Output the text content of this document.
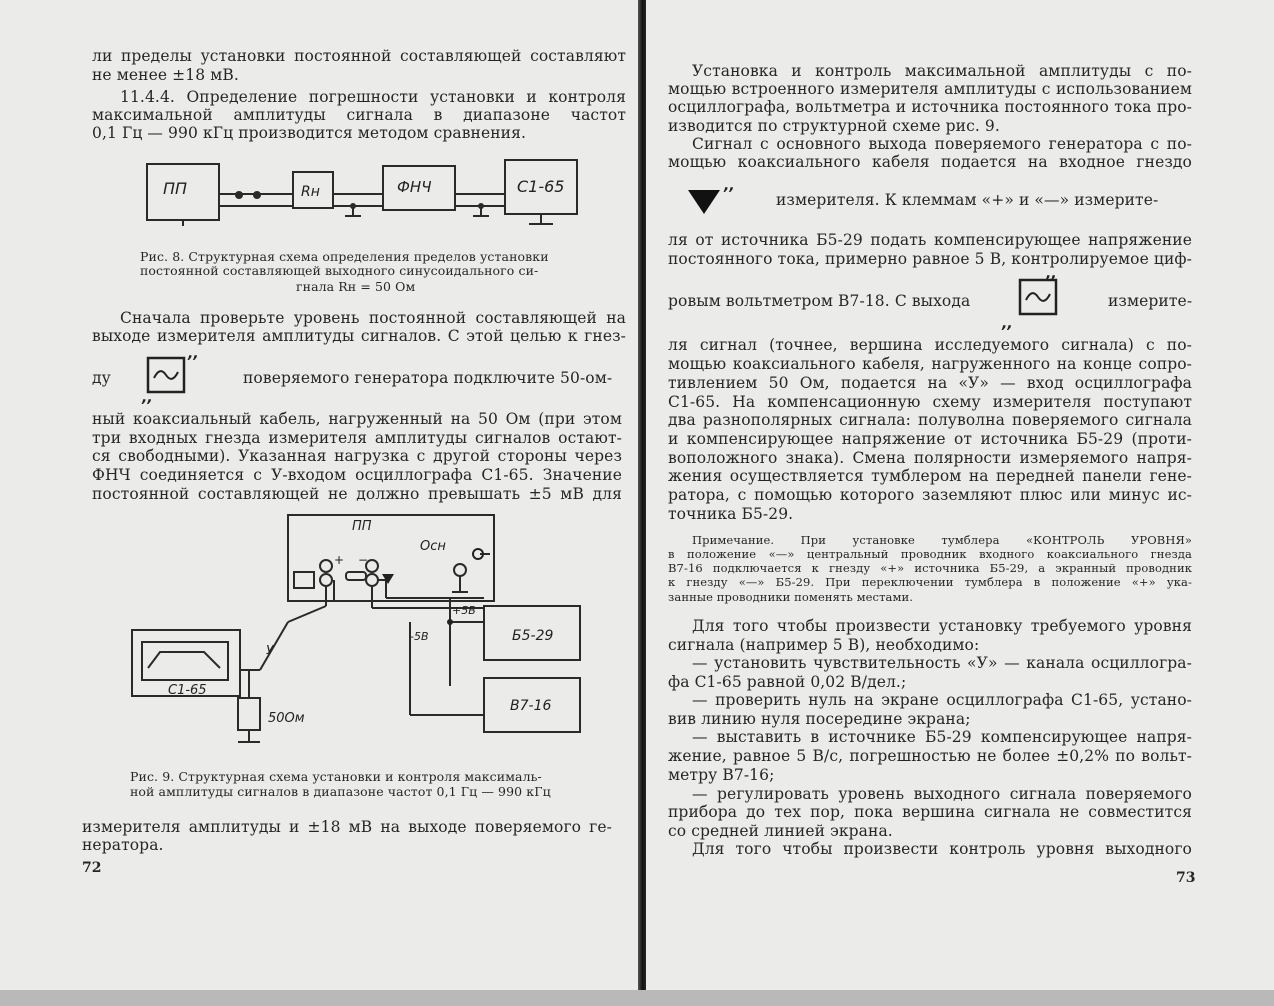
ли пределы установки постоянной составляющей составляют
не менее ±18 мВ.
11.4.4. Определение погрешности установки и контроля
максимальной амплитуды сигнала в диапазоне частот
0,1 Гц — 990 кГц производится методом сравнения.
ПП	Rн	ФНЧ	С1-65
Рис. 8. Структурная схема определения пределов установки
постоянной составляющей выходного синусоидального си-
гнала Rн = 50 Ом
Сначала проверьте уровень постоянной составляющей на
выходе измерителя амплитуды сигналов. С этой целью к гнез-
ду
,,
,,
поверяемого генератора подключите 50-ом-
ный коаксиальный кабель, нагруженный на 50 Ом (при этом
три входных гнезда измерителя амплитуды сигналов остают-
ся свободными). Указанная нагрузка с другой стороны через
ФНЧ соединяется с У-входом осциллографа С1-65. Значение
постоянной составляющей не должно превышать ±5 мВ для
ПП
Осн
+ −
+5В
-5В	Б5-29
В7-16
С1-65
У
50Ом
Рис. 9. Структурная схема установки и контроля максималь-
ной амплитуды сигналов в диапазоне частот 0,1 Гц — 990 кГц
измерителя амплитуды и ±18 мВ на выходе поверяемого ге-
нератора.
72
Установка и контроль максимальной амплитуды с по-
мощью встроенного измерителя амплитуды с использованием
осциллографа, вольтметра и источника постоянного тока про-
изводится по структурной схеме рис. 9.
Сигнал с основного выхода поверяемого генератора с по-
мощью коаксиального кабеля подается на входное гнездо
,,
измерителя. К клеммам «+» и «—» измерите-
ля от источника Б5-29 подать компенсирующее напряжение
постоянного тока, примерно равное 5 В, контролируемое циф-
ровым вольтметром В7-18. С выхода
,,
,,
измерите-
ля сигнал (точнее, вершина исследуемого сигнала) с по-
мощью коаксиального кабеля, нагруженного на конце сопро-
тивлением 50 Ом, подается на «У» — вход осциллографа
С1-65. На компенсационную схему измерителя поступают
два разнополярных сигнала: полуволна поверяемого сигнала
и компенсирующее напряжение от источника Б5-29 (проти-
воположного знака). Смена полярности измеряемого напря-
жения осуществляется тумблером на передней панели гене-
ратора, с помощью которого заземляют плюс или минус ис-
точника Б5-29.
Примечание. При установке тумблера «КОНТРОЛЬ УРОВНЯ»
в положение «—» центральный проводник входного коаксиального гнезда
В7-16 подключается к гнезду «+» источника Б5-29, а экранный проводник
к гнезду «—» Б5-29. При переключении тумблера в положение «+» ука-
занные проводники поменять местами.
Для того чтобы произвести установку требуемого уровня
сигнала (например 5 В), необходимо:
— установить чувствительность «У» — канала осциллогра-
фа С1-65 равной 0,02 В/дел.;
— проверить нуль на экране осциллографа С1-65, устано-
вив линию нуля посередине экрана;
— выставить в источнике Б5-29 компенсирующее напря-
жение, равное 5 В/с, погрешностью не более ±0,2% по вольт-
метру В7-16;
— регулировать уровень выходного сигнала поверяемого
прибора до тех пор, пока вершина сигнала не совместится
со средней линией экрана.
Для того чтобы произвести контроль уровня выходного
73
